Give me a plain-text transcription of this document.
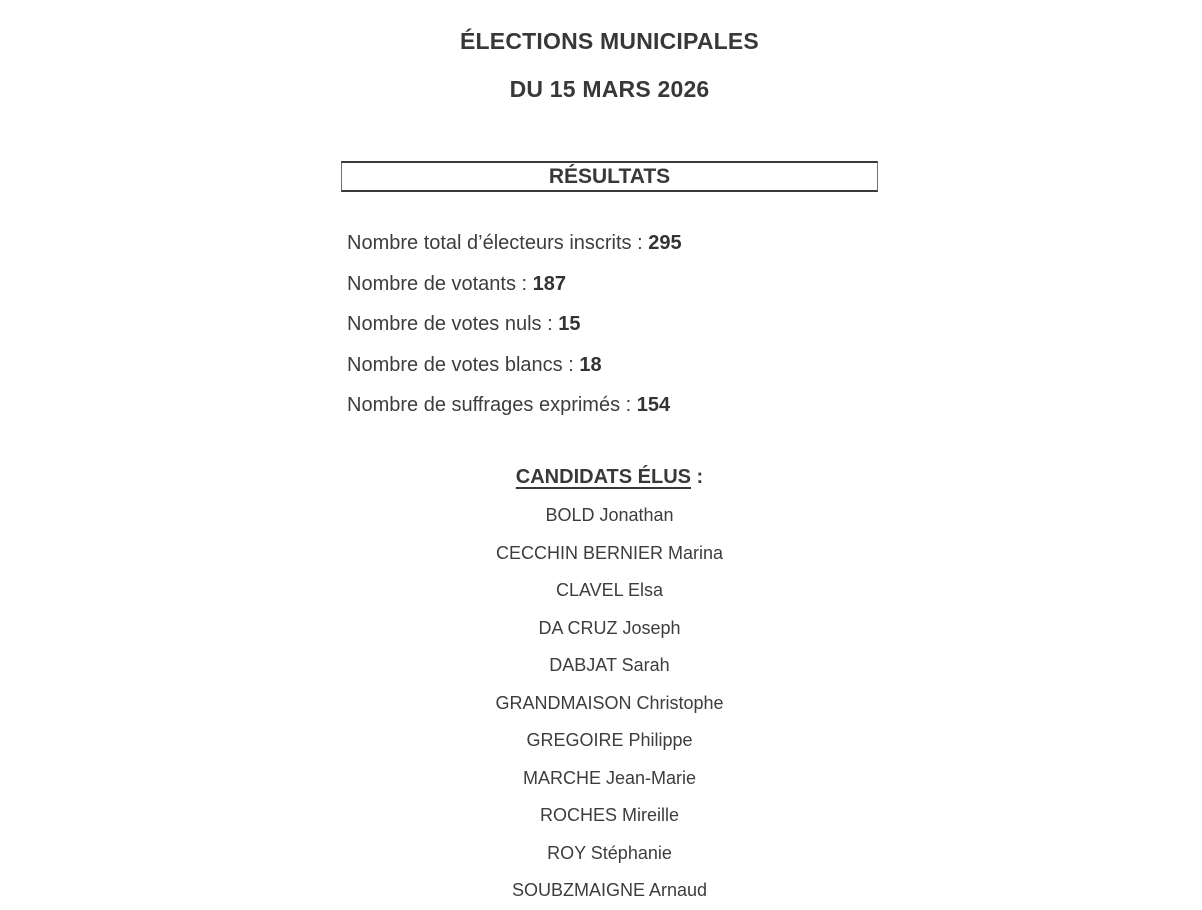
ÉLECTIONS MUNICIPALES
DU 15 MARS 2026
RÉSULTATS
Nombre total d’électeurs inscrits : 295
Nombre de votants : 187
Nombre de votes nuls : 15
Nombre de votes blancs : 18
Nombre de suffrages exprimés : 154
CANDIDATS ÉLUS :
BOLD Jonathan
CECCHIN BERNIER Marina
CLAVEL Elsa
DA CRUZ Joseph
DABJAT Sarah
GRANDMAISON Christophe
GREGOIRE Philippe
MARCHE Jean-Marie
ROCHES Mireille
ROY Stéphanie
SOUBZMAIGNE Arnaud
